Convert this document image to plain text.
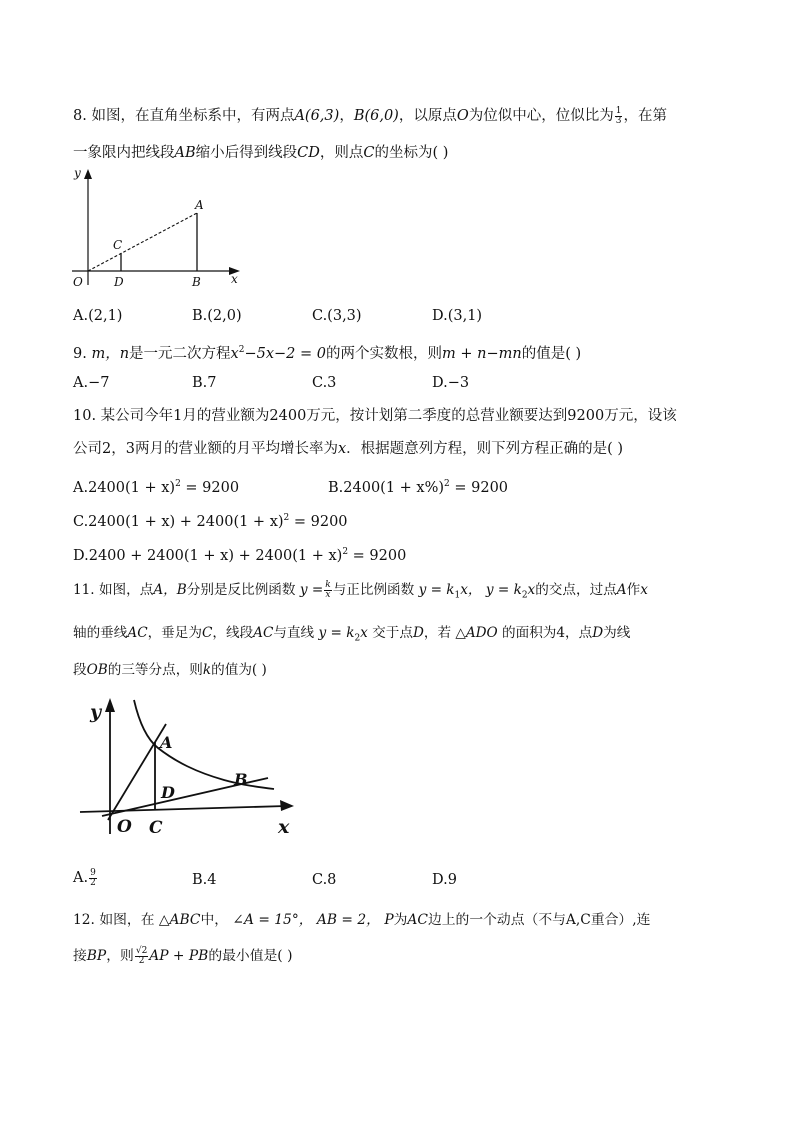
8. 如图，在直角坐标系中，有两点A(6,3)，B(6,0)，以原点O为位似中心，位似比为 $\frac{1}{3}$ ，在第
一象限内把线段AB缩小后得到线段CD，则点C的坐标为( )
y
x
O
A
B
C
D
A.(2,1)	B.(2,0)	C.(3,3)	D.(3,1)
9. m，n是一元二次方程$x^2-5x-2 = 0$的两个实数根，则m + n−mn的值是( )
A.−7	B.7	C.3	D.−3
10. 某公司今年1月的营业额为2400万元，按计划第二季度的总营业额要达到9200万元，设该
公司2，3两月的营业额的月平均增长率为x．根据题意列方程，则下列方程正确的是( )
$A.2400(1 + x)^2 = 9200$	$B.2400(1 + x\%)^2 = 9200$
$C.2400(1 + x) + 2400(1 + x)^2 = 9200$
$D.2400 + 2400(1 + x) + 2400(1 + x)^2 = 9200$
11. 如图，点A，B分别是反比例函数 $y = \frac{k}{x}$ 与正比例函数 $y = k_1x$， $y = k_2x$的交点，过点A作x
轴的垂线AC，垂足为C，线段AC与直线 $y = k_2x$ 交于点D，若 △ADO 的面积为4，点D为线
段OB的三等分点，则k的值为( )
y
x
O
A
B
C
D
A. $\frac{9}{2}$	B.4	C.8	D.9
12. 如图，在 △ABC中， ∠A = 15°， AB = 2， P为AC边上的一个动点（不与A,C重合）,连
接BP，则 $\frac{√2}{2}$ AP + PB的最小值是( )
